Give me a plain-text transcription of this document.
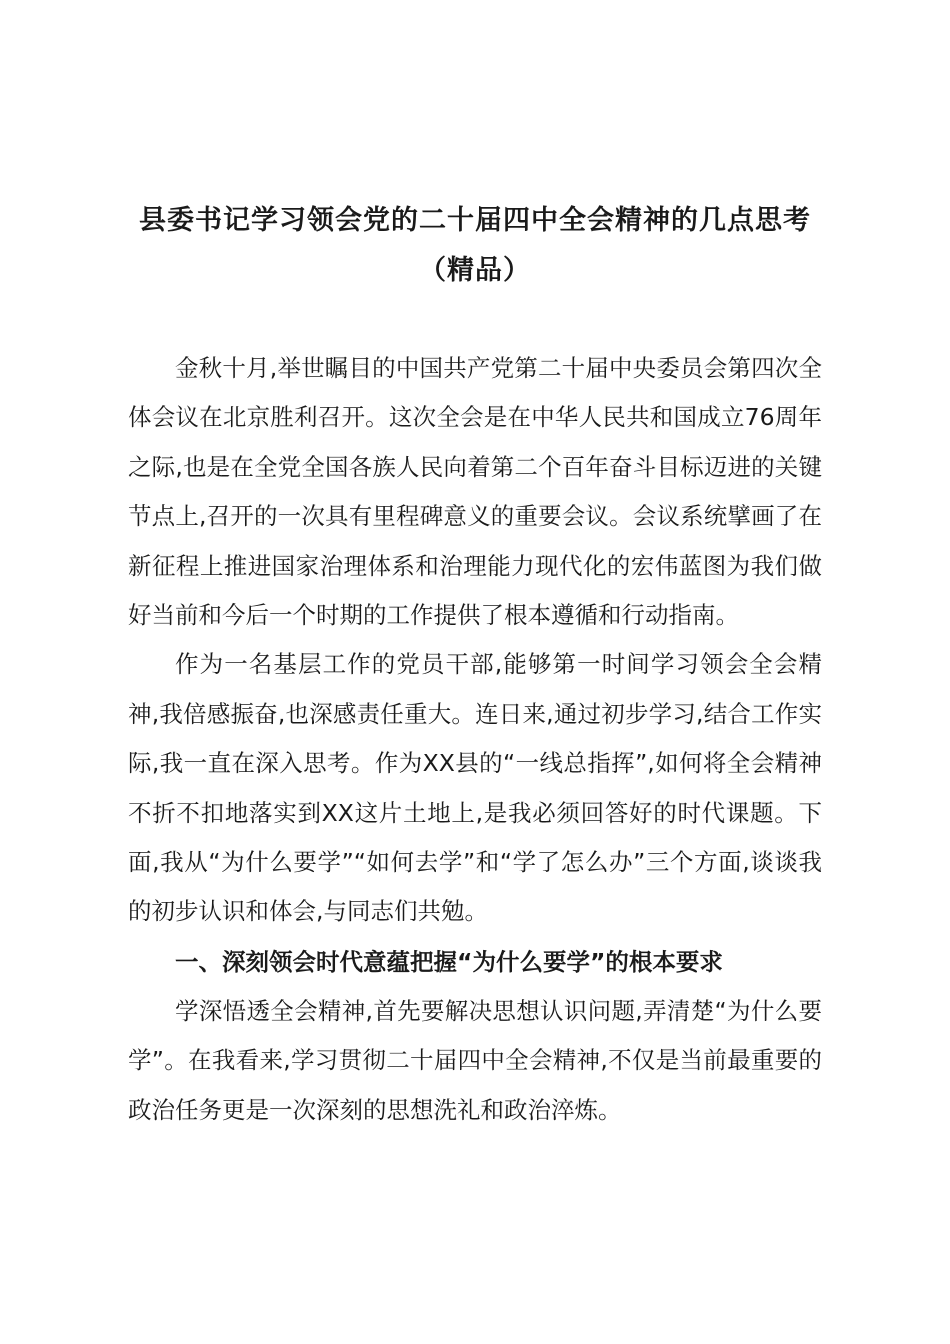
县委书记学习领会党的二十届四中全会精神的几点思考（精品）

金秋十月,举世瞩目的中国共产党第二十届中央委员会第四次全体会议在北京胜利召开。这次全会是在中华人民共和国成立76周年之际,也是在全党全国各族人民向着第二个百年奋斗目标迈进的关键节点上,召开的一次具有里程碑意义的重要会议。会议系统擘画了在新征程上推进国家治理体系和治理能力现代化的宏伟蓝图为我们做好当前和今后一个时期的工作提供了根本遵循和行动指南。

作为一名基层工作的党员干部,能够第一时间学习领会全会精神,我倍感振奋,也深感责任重大。连日来,通过初步学习,结合工作实际,我一直在深入思考。作为XX县的“一线总指挥”,如何将全会精神不折不扣地落实到XX这片土地上,是我必须回答好的时代课题。下面,我从“为什么要学”“如何去学”和“学了怎么办”三个方面,谈谈我的初步认识和体会,与同志们共勉。

一、深刻领会时代意蕴把握“为什么要学”的根本要求

学深悟透全会精神,首先要解决思想认识问题,弄清楚“为什么要学”。在我看来,学习贯彻二十届四中全会精神,不仅是当前最重要的政治任务更是一次深刻的思想洗礼和政治淬炼。
